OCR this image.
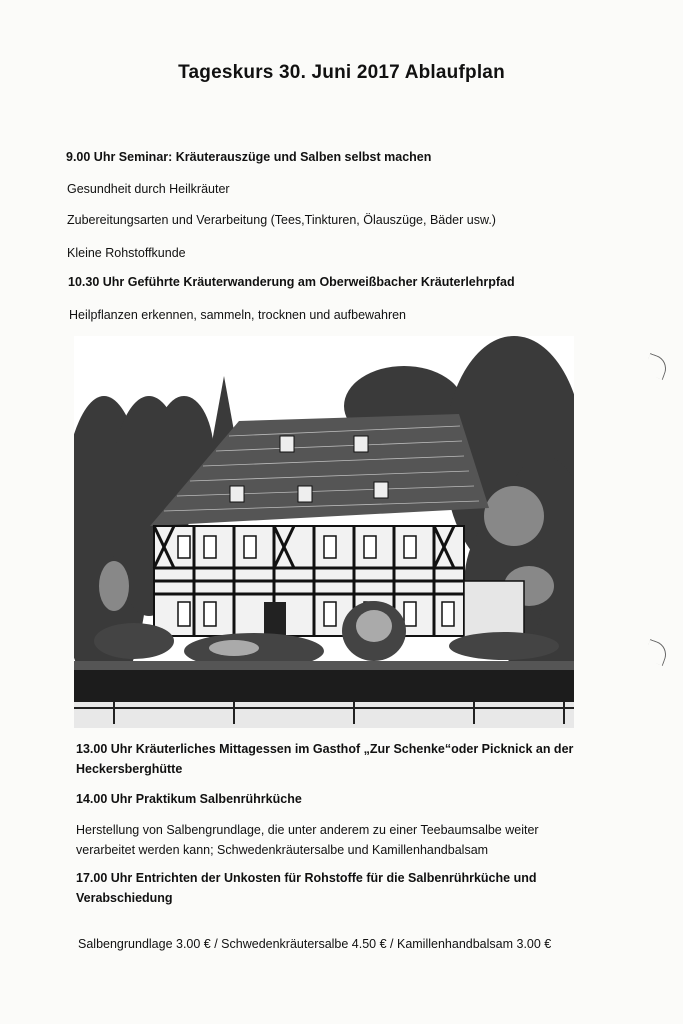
Tageskurs 30. Juni 2017 Ablaufplan
9.00 Uhr Seminar: Kräuterauszüge und Salben selbst machen
Gesundheit durch Heilkräuter
Zubereitungsarten und Verarbeitung (Tees,Tinkturen, Ölauszüge, Bäder usw.)
Kleine Rohstoffkunde
10.30 Uhr Geführte Kräuterwanderung am Oberweißbacher Kräuterlehrpfad
Heilpflanzen erkennen, sammeln, trocknen und aufbewahren
13.00 Uhr Kräuterliches Mittagessen im Gasthof „Zur Schenke“oder Picknick an der Heckersberghütte
14.00 Uhr Praktikum Salbenrührküche
Herstellung von Salbengrundlage, die unter anderem zu einer Teebaumsalbe weiter verarbeitet werden kann; Schwedenkräutersalbe und Kamillenhandbalsam
17.00 Uhr Entrichten der Unkosten für Rohstoffe für die Salbenrührküche und Verabschiedung
Salbengrundlage 3.00 € / Schwedenkräutersalbe 4.50 € / Kamillenhandbalsam 3.00 €
